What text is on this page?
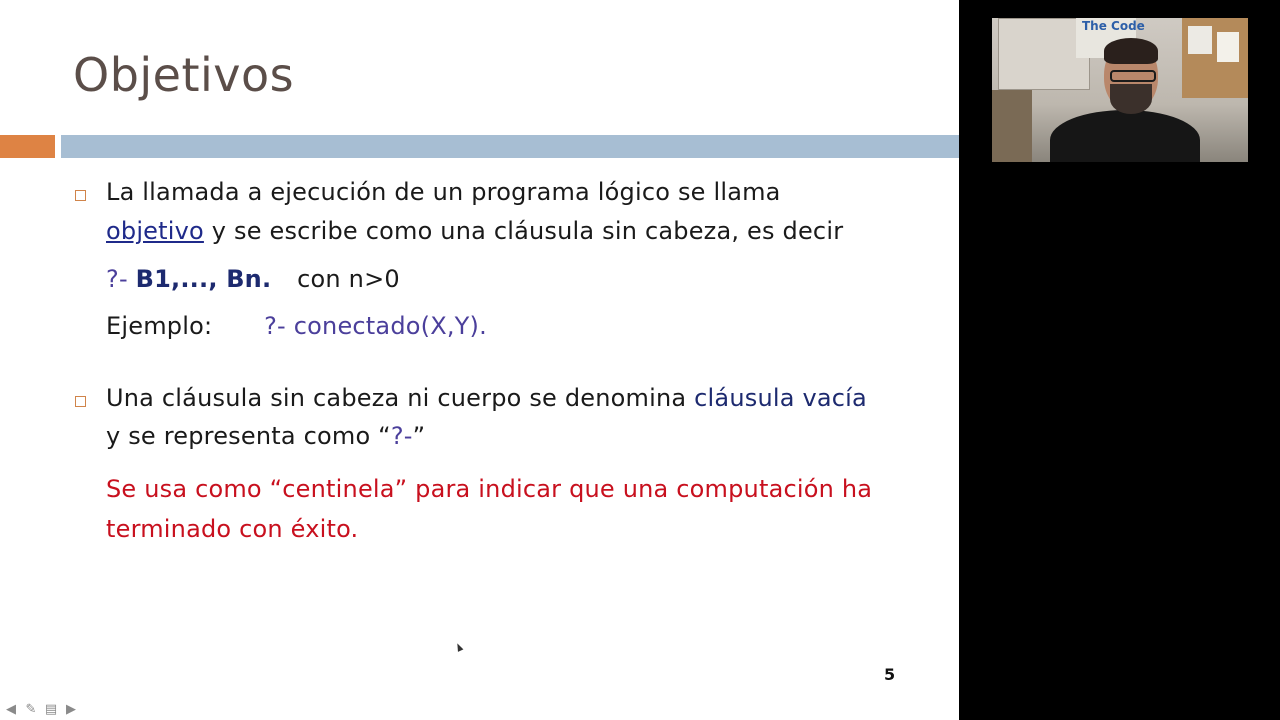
Objetivos
La llamada a ejecución de un programa lógico se llama
objetivo y se escribe como una cláusula sin cabeza, es decir
?- B1,..., Bn. con n>0
Ejemplo: ?- conectado(X,Y).
Una cláusula sin cabeza ni cuerpo se denomina cláusula vacía
y se representa como “?-”
Se usa como “centinela” para indicar que una computación ha
terminado con éxito.
5
◀ ✎ ▤ ▶
The Code
